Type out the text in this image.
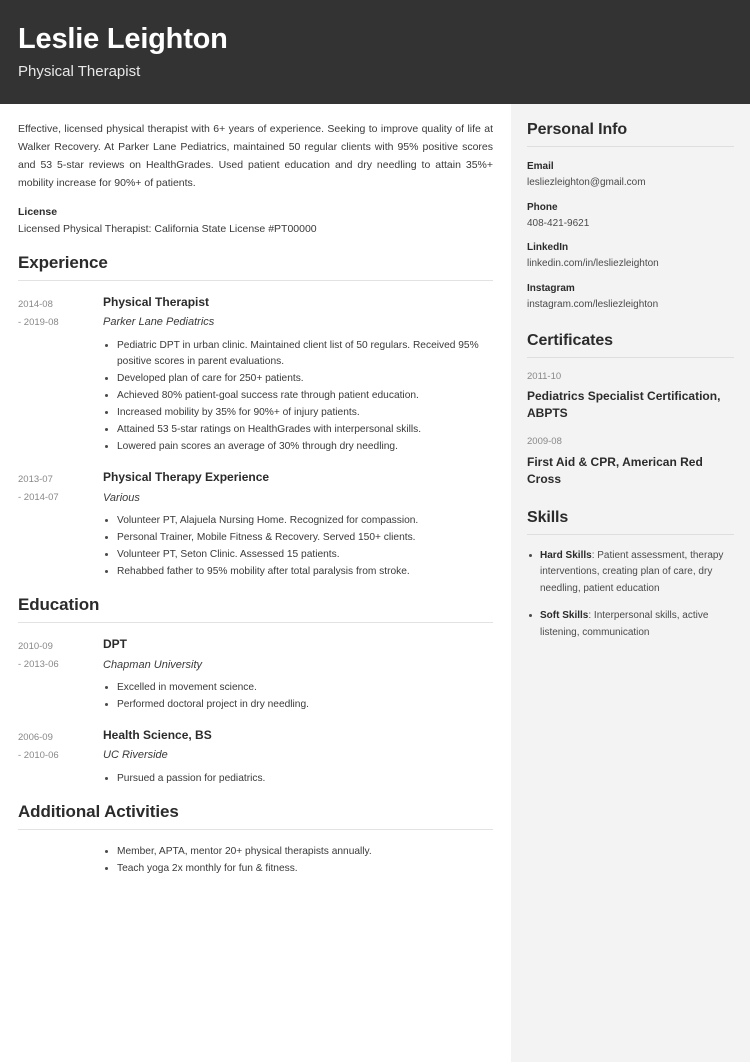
Leslie Leighton
Physical Therapist

Effective, licensed physical therapist with 6+ years of experience. Seeking to improve quality of life at Walker Recovery. At Parker Lane Pediatrics, maintained 50 regular clients with 95% positive scores and 53 5-star reviews on HealthGrades. Used patient education and dry needling to attain 35%+ mobility increase for 90%+ of patients.

License

Licensed Physical Therapist: California State License #PT00000

Experience
2014-08
- 2019-08
Physical Therapist
Parker Lane Pediatrics
Pediatric DPT in urban clinic. Maintained client list of 50 regulars. Received 95% positive scores in parent evaluations.
Developed plan of care for 250+ patients.
Achieved 80% patient-goal success rate through patient education.
Increased mobility by 35% for 90%+ of injury patients.
Attained 53 5-star ratings on HealthGrades with interpersonal skills.
Lowered pain scores an average of 30% through dry needling.
2013-07
- 2014-07
Physical Therapy Experience
Various
Volunteer PT, Alajuela Nursing Home. Recognized for compassion.
Personal Trainer, Mobile Fitness & Recovery. Served 150+ clients.
Volunteer PT, Seton Clinic. Assessed 15 patients.
Rehabbed father to 95% mobility after total paralysis from stroke.
Education
2010-09
- 2013-06
DPT
Chapman University
Excelled in movement science.
Performed doctoral project in dry needling.
2006-09
- 2010-06
Health Science, BS
UC Riverside
Pursued a passion for pediatrics.
Additional Activities
Member, APTA, mentor 20+ physical therapists annually.
Teach yoga 2x monthly for fun & fitness.
Personal Info
Email
lesliezleighton@gmail.com
Phone
408-421-9621
LinkedIn
linkedin.com/in/lesliezleighton
Instagram
instagram.com/lesliezleighton
Certificates
2011-10
Pediatrics Specialist Certification, ABPTS
2009-08
First Aid & CPR, American Red Cross
Skills
Hard Skills: Patient assessment, therapy interventions, creating plan of care, dry needling, patient education
Soft Skills: Interpersonal skills, active listening, communication
